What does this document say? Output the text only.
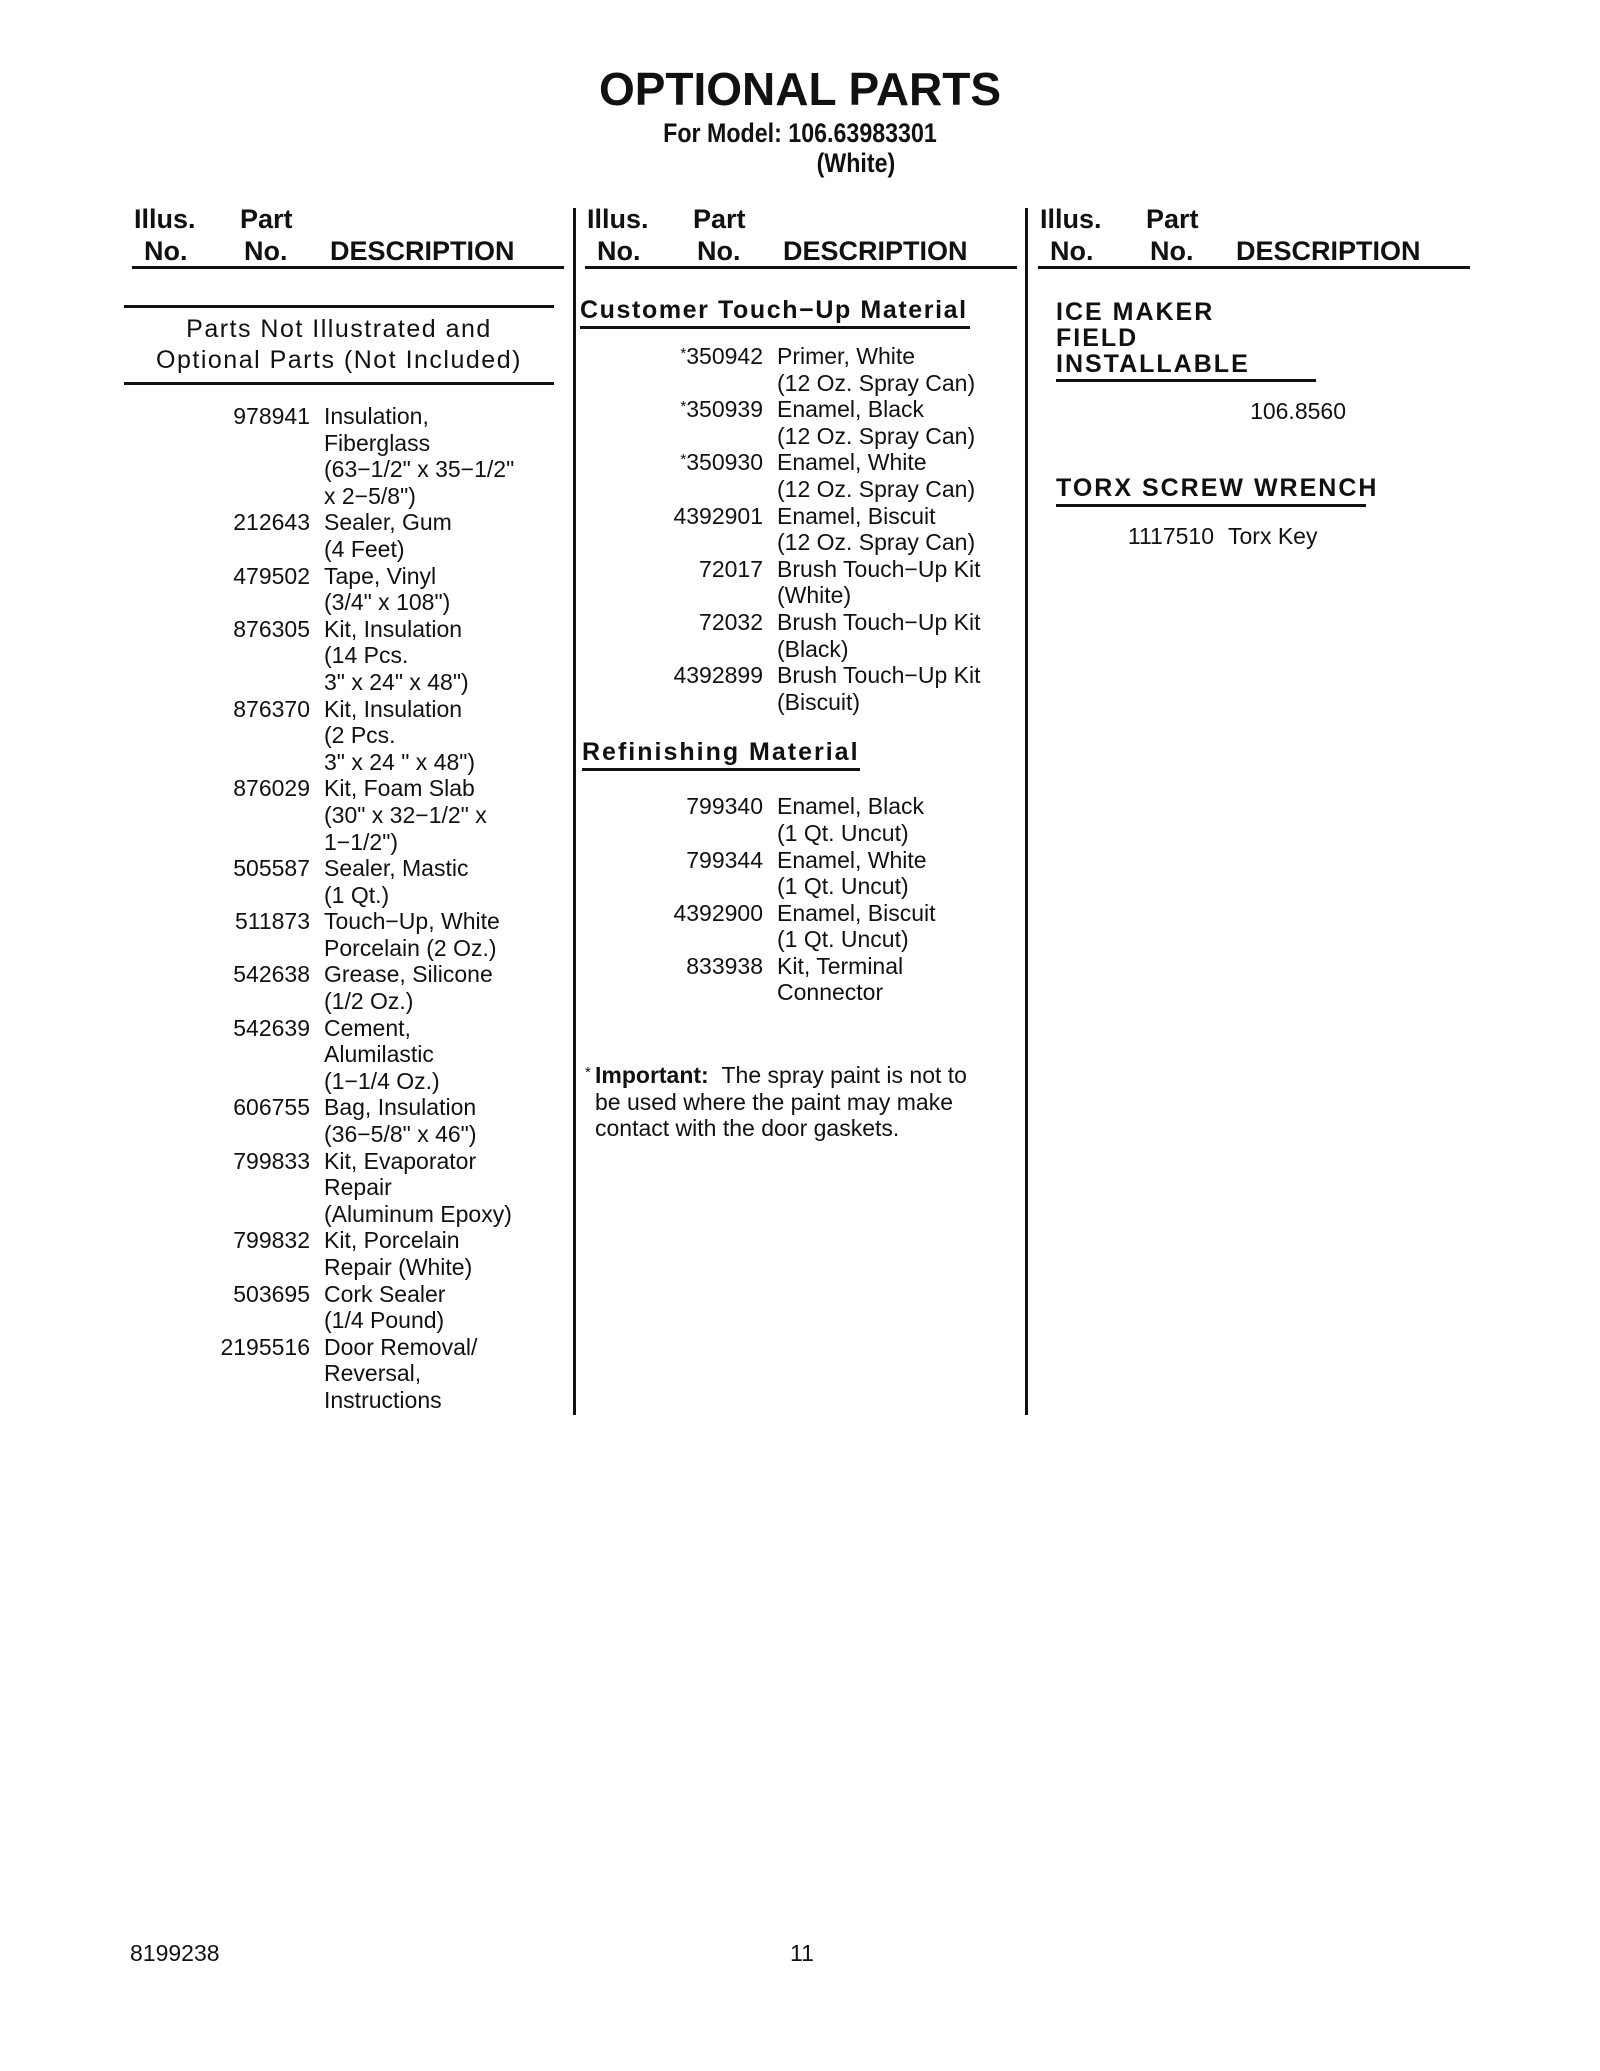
OPTIONAL PARTS
For Model: 106.63983301
(White)
Illus.
No.
Part
No. DESCRIPTION
Parts Not Illustrated and
Optional Parts (Not Included)
978941 Insulation,
Fiberglass
(63−1/2" x 35−1/2"
x 2−5/8")
212643 Sealer, Gum
(4 Feet)
479502 Tape, Vinyl
(3/4" x 108")
876305 Kit, Insulation
(14 Pcs.
3" x 24" x 48")
876370 Kit, Insulation
(2 Pcs.
3" x 24 " x 48")
876029 Kit, Foam Slab
(30" x 32−1/2" x
1−1/2")
505587 Sealer, Mastic
(1 Qt.)
511873 Touch−Up, White
Porcelain (2 Oz.)
542638 Grease, Silicone
(1/2 Oz.)
542639 Cement,
Alumilastic
(1−1/4 Oz.)
606755 Bag, Insulation
(36−5/8" x 46")
799833 Kit, Evaporator
Repair
(Aluminum Epoxy)
799832 Kit, Porcelain
Repair (White)
503695 Cork Sealer
(1/4 Pound)
2195516 Door Removal/
Reversal,
Instructions
Illus.
No.
Part
No. DESCRIPTION
Customer Touch−Up Material
*350942 Primer, White
(12 Oz. Spray Can)
*350939 Enamel, Black
(12 Oz. Spray Can)
*350930 Enamel, White
(12 Oz. Spray Can)
4392901 Enamel, Biscuit
(12 Oz. Spray Can)
72017 Brush Touch−Up Kit
(White)
72032 Brush Touch−Up Kit
(Black)
4392899 Brush Touch−Up Kit
(Biscuit)
Refinishing Material
799340 Enamel, Black
(1 Qt. Uncut)
799344 Enamel, White
(1 Qt. Uncut)
4392900 Enamel, Biscuit
(1 Qt. Uncut)
833938 Kit, Terminal
Connector
* Important: The spray paint is not to be used where the paint may make contact with the door gaskets.
Illus.
No.
Part
No. DESCRIPTION
ICE MAKER
FIELD INSTALLABLE
106.8560

TORX SCREW WRENCH
1117510 Torx Key
8199238	11
